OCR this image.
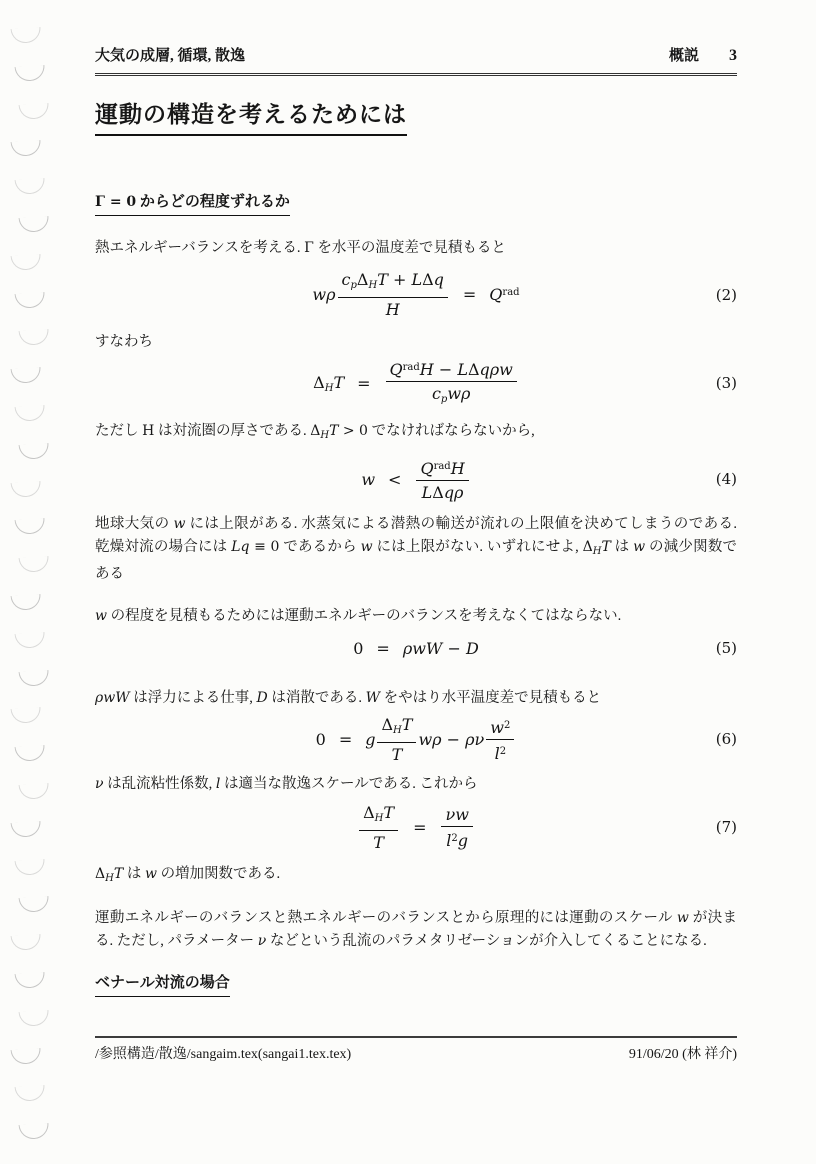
大気の成層, 循環, 散逸	概説 3
運動の構造を考えるためには
Γ = 0 からどの程度ずれるか
熱エネルギーバランスを考える. Γ を水平の温度差で見積もると
wρ $\frac{c_p\Delta_HT + L\Delta q}{H} = Q^{rad}$	(2)
すなわち
$\Delta_HT = \frac{Q^{rad}H - L\Delta q\rho w}{c_pw\rho}$	(3)
ただし H は対流圏の厚さである. $\Delta_HT > 0$ でなければならないから,
$w < \frac{Q^{rad}H}{\text{LΔqρ}}$	(4)
地球大気の w には上限がある. 水蒸気による潜熱の輸送が流れの上限値を決めてしまうのである. 乾燥対流の場合には Lq ≡ 0 であるから w には上限がない. いずれにせよ, $\Delta_HT$ は w の減少関数である
w の程度を見積もるためには運動エネルギーのバランスを考えなくてはならない.
0 = ρwW − D	(5)
ρwW は浮力による仕事, D は消散である. W をやはり水平温度差で見積もると
0 = g $\frac{\Delta_HT}{T}$ wρ − ρν $\frac{w^2}{l^2}$	(6)
ν は乱流粘性係数, l は適当な散逸スケールである. これから
$\frac{\Delta_HT}{T} = \frac{\nu w}{l^2g}$	(7)
$\Delta_HT$ は w の増加関数である.
運動エネルギーのバランスと熱エネルギーのバランスとから原理的には運動のスケール w が決まる. ただし, パラメーター ν などという乱流のパラメタリゼーションが介入してくることになる.
ベナール対流の場合
/参照構造/散逸/sangaim.tex(sangai1.tex.tex)	91/06/20 (林 祥介)
